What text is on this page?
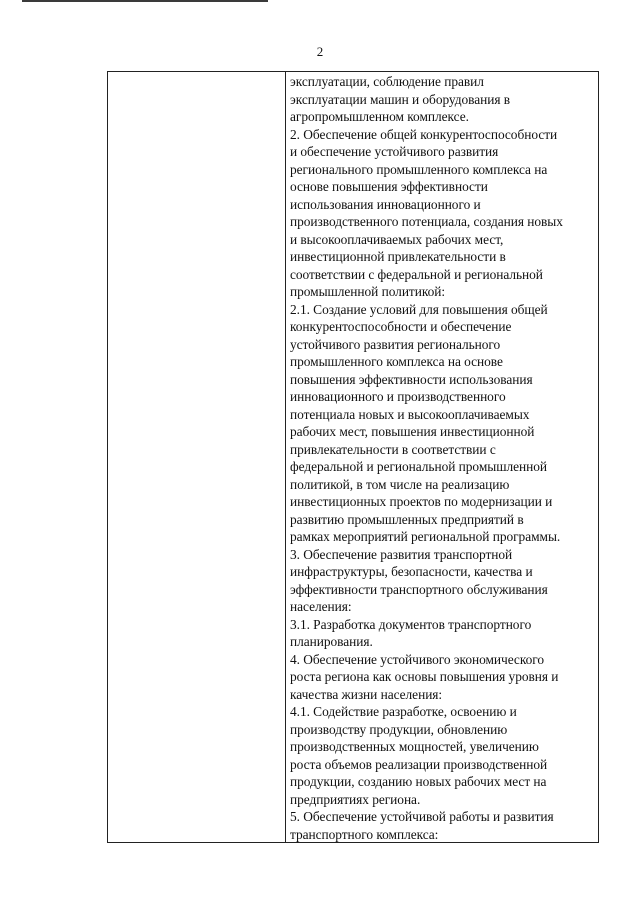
2
эксплуатации, соблюдение правил
эксплуатации машин и оборудования в
агропромышленном комплексе.
2. Обеспечение общей конкурентоспособности
и обеспечение устойчивого развития
регионального промышленного комплекса на
основе повышения эффективности
использования инновационного и
производственного потенциала, создания новых
и высокооплачиваемых рабочих мест,
инвестиционной привлекательности в
соответствии с федеральной и региональной
промышленной политикой:
2.1. Создание условий для повышения общей
конкурентоспособности и обеспечение
устойчивого развития регионального
промышленного комплекса на основе
повышения эффективности использования
инновационного и производственного
потенциала новых и высокооплачиваемых
рабочих мест, повышения инвестиционной
привлекательности в соответствии с
федеральной и региональной промышленной
политикой, в том числе на реализацию
инвестиционных проектов по модернизации и
развитию промышленных предприятий в
рамках мероприятий региональной программы.
3. Обеспечение развития транспортной
инфраструктуры, безопасности, качества и
эффективности транспортного обслуживания
населения:
3.1. Разработка документов транспортного
планирования.
4. Обеспечение устойчивого экономического
роста региона как основы повышения уровня и
качества жизни населения:
4.1. Содействие разработке, освоению и
производству продукции, обновлению
производственных мощностей, увеличению
роста объемов реализации производственной
продукции, созданию новых рабочих мест на
предприятиях региона.
5. Обеспечение устойчивой работы и развития
транспортного комплекса:
